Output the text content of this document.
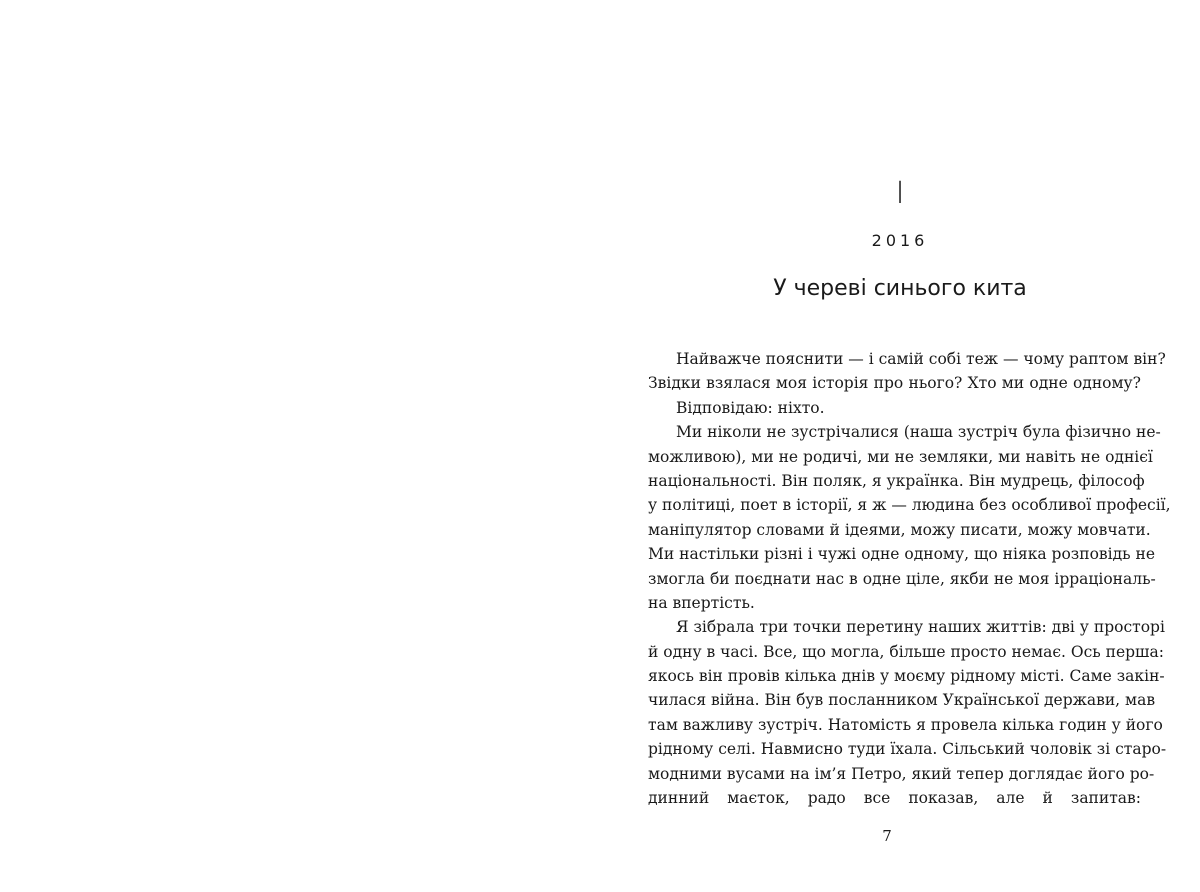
I
2016
У череві синього кита
Найважче пояснити — і самій собі теж — чому раптом він?
Звідки взялася моя історія про нього? Хто ми одне одному?
Відповідаю: ніхто.
Ми ніколи не зустрічалися (наша зустріч була фізично не-
можливою), ми не родичі, ми не земляки, ми навіть не однієї
національності. Він поляк, я українка. Він мудрець, філософ
у політиці, поет в історії, я ж — людина без особливої професії,
маніпулятор словами й ідеями, можу писати, можу мовчати.
Ми настільки різні і чужі одне одному, що ніяка розповідь не
змогла би поєднати нас в одне ціле, якби не моя ірраціональ-
на впертість.
Я зібрала три точки перетину наших життів: дві у просторі
й одну в часі. Все, що могла, більше просто немає. Ось перша:
якось він провів кілька днів у моєму рідному місті. Саме закін-
чилася війна. Він був посланником Української держави, мав
там важливу зустріч. Натомість я провела кілька годин у його
рідному селі. Навмисно туди їхала. Сільський чоловік зі старо-
модними вусами на ім’я Петро, який тепер доглядає його ро-
динний маєток, радо все показав, але й запитав:
7
